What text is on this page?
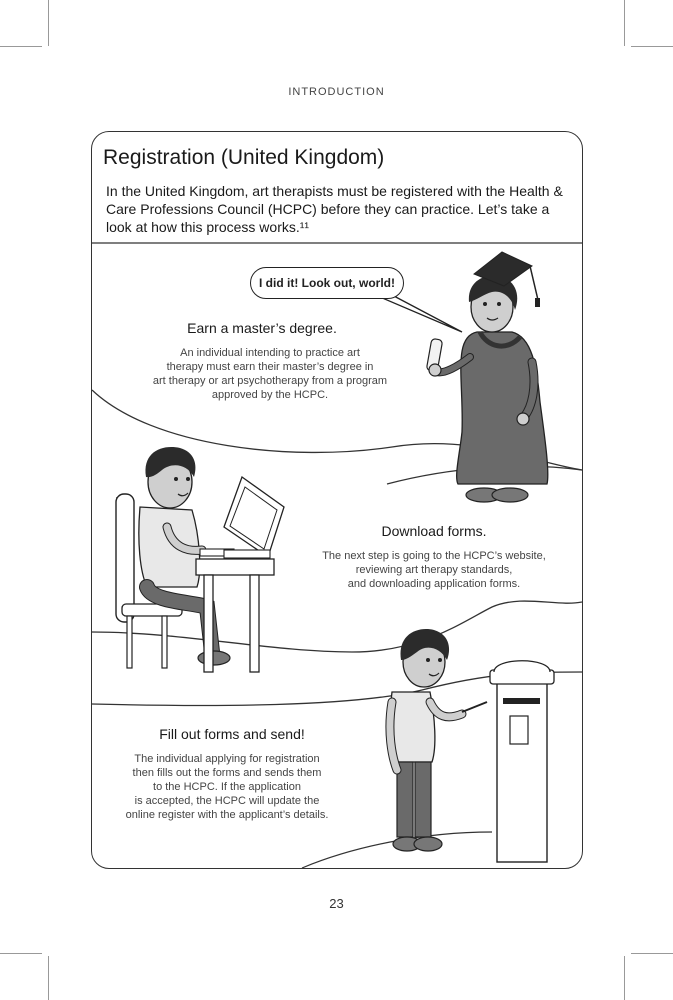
INTRODUCTION
Registration (United Kingdom)

In the United Kingdom, art therapists must be registered with the Health & Care Professions Council (HCPC) before they can practice. Let’s take a look at how this process works.¹¹

I did it! Look out, world!
Earn a master’s degree.
An individual intending to practice art
therapy must earn their master’s degree in
art therapy or art psychotherapy from a program
approved by the HCPC.
Download forms.
The next step is going to the HCPC’s website,
reviewing art therapy standards,
and downloading application forms.
Fill out forms and send!
The individual applying for registration
then fills out the forms and sends them
to the HCPC. If the application
is accepted, the HCPC will update the
online register with the applicant’s details.
23
